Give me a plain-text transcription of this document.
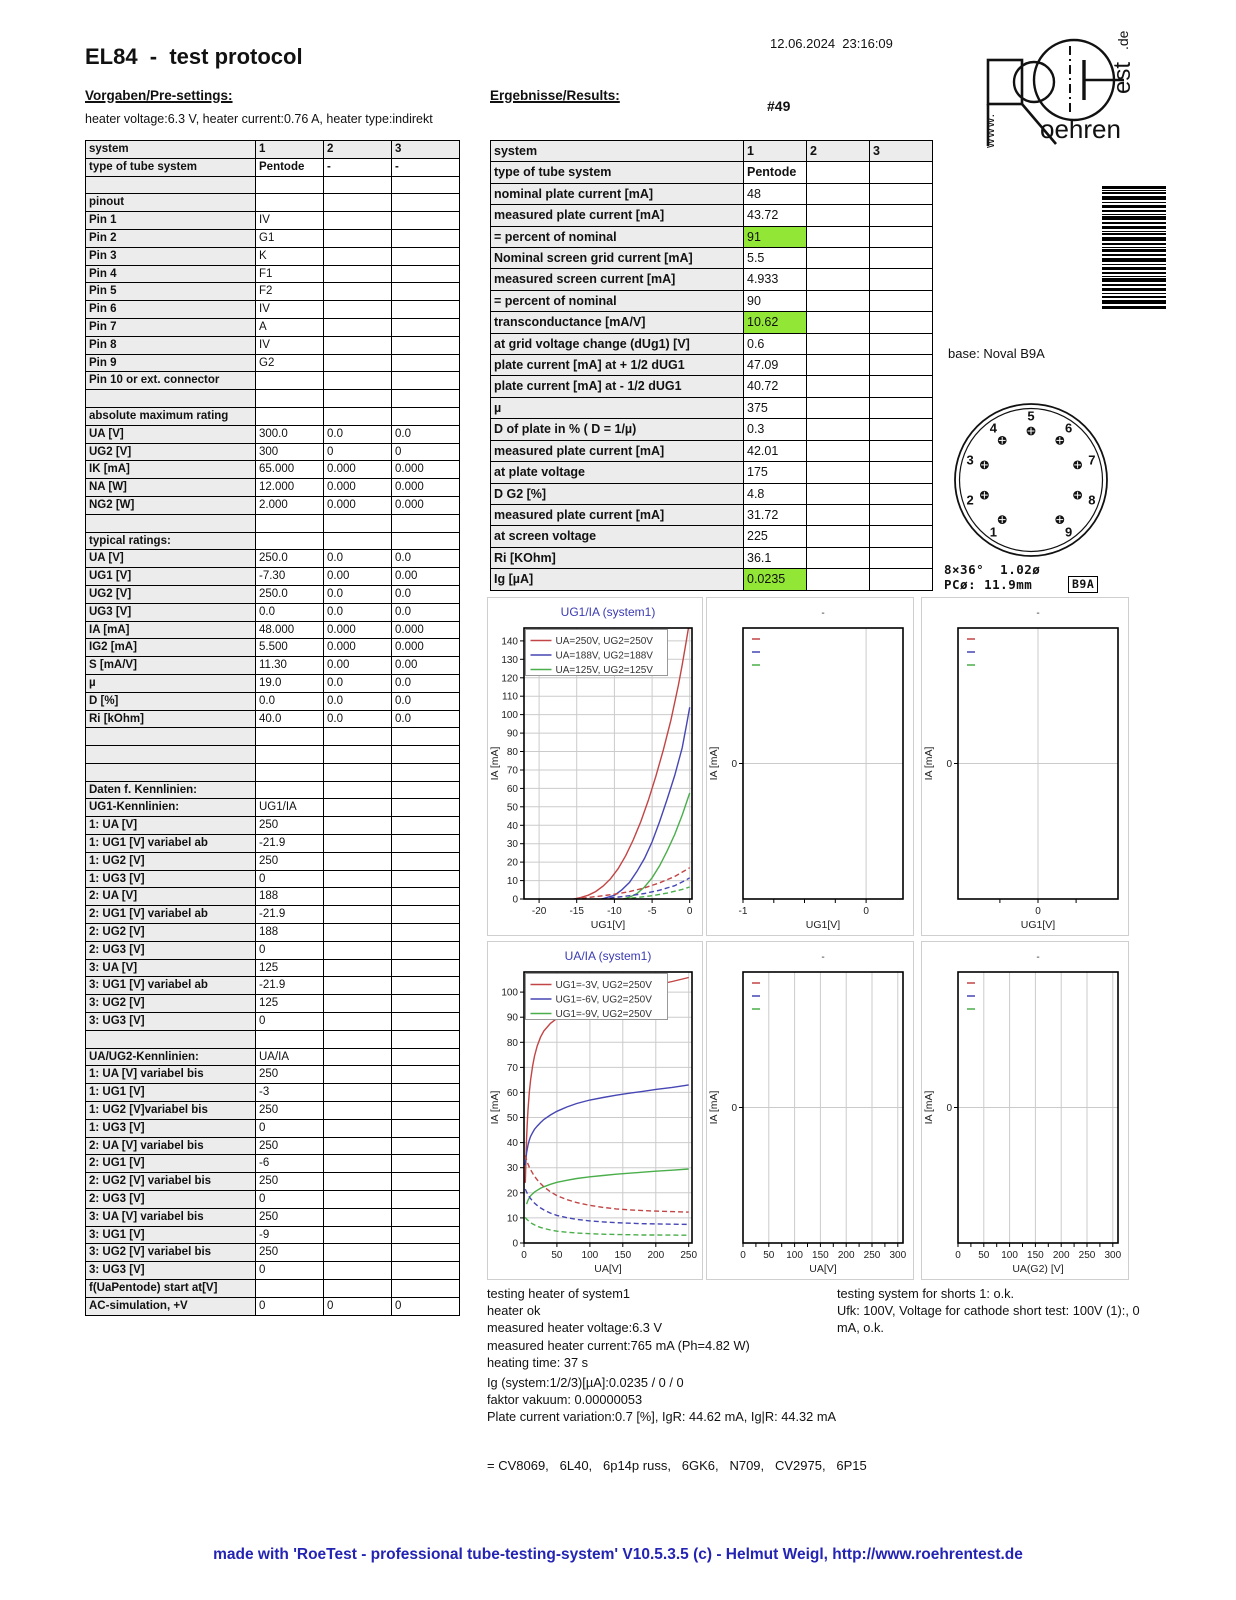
12.06.2024  23:16:09
EL84  -  test protocol
Vorgaben/Pre-settings:	Ergebnisse/Results:
#49
heater voltage:6.3 V, heater current:0.76 A, heater type:indirekt
system	1	2	3
type of tube system	Pentode	-	-

pinout			
Pin 1	IV		
Pin 2	G1		
Pin 3	K		
Pin 4	F1		
Pin 5	F2		
Pin 6	IV		
Pin 7	A		
Pin 8	IV		
Pin 9	G2		
Pin 10 or ext. connector			

absolute maximum rating			
UA [V]	300.0	0.0	0.0
UG2 [V]	300	0	0
IK [mA]	65.000	0.000	0.000
NA [W]	12.000	0.000	0.000
NG2 [W]	2.000	0.000	0.000

typical ratings:			
UA [V]	250.0	0.0	0.0
UG1 [V]	-7.30	0.00	0.00
UG2 [V]	250.0	0.0	0.0
UG3 [V]	0.0	0.0	0.0
IA [mA]	48.000	0.000	0.000
IG2 [mA]	5.500	0.000	0.000
S [mA/V]	11.30	0.00	0.00
µ	19.0	0.0	0.0
D [%]	0.0	0.0	0.0
Ri [kOhm]	40.0	0.0	0.0

Daten f. Kennlinien:			
UG1-Kennlinien:	UG1/IA		
1: UA [V]	250		
1: UG1 [V] variabel ab	-21.9		
1: UG2 [V]	250		
1: UG3 [V]	0		
2: UA [V]	188		
2: UG1 [V] variabel ab	-21.9		
2: UG2 [V]	188		
2: UG3 [V]	0		
3: UA [V]	125		
3: UG1 [V] variabel ab	-21.9		
3: UG2 [V]	125		
3: UG3 [V]	0		

UA/UG2-Kennlinien:	UA/IA		
1: UA [V] variabel bis	250		
1: UG1 [V]	-3		
1: UG2 [V]variabel bis	250		
1: UG3 [V]	0		
2: UA [V] variabel bis	250		
2: UG1 [V]	-6		
2: UG2 [V] variabel bis	250		
2: UG3 [V]	0		
3: UA [V] variabel bis	250		
3: UG1 [V]	-9		
3: UG2 [V] variabel bis	250		
3: UG3 [V]	0		
f(UaPentode) start at[V]			
AC-simulation, +V	0	0	0
system	1	2	3
type of tube system	Pentode		
nominal plate current [mA]	48		
measured plate current [mA]	43.72		
= percent of nominal	91		
Nominal screen grid current [mA]	5.5		
measured screen current [mA]	4.933		
= percent of nominal	90		
transconductance [mA/V]	10.62		
at grid voltage change (dUg1) [V]	0.6		
plate current [mA] at + 1/2 dUG1	47.09		
plate current [mA] at - 1/2 dUG1	40.72		
µ	375		
D of plate in % ( D = 1/µ)	0.3		
measured plate current [mA]	42.01		
at plate voltage	175		
D G2 [%]	4.8		
measured plate current [mA]	31.72		
at screen voltage	225		
Ri [KOhm]	36.1		
Ig [µA]	0.0235		
www. oehren
est
.de
base: Noval B9A
1
2
3
4
5
6
7
8
9
8×36°  1.02ø
PCø: 11.9mm	B9A
-20 -15 -10	-5	0
0
10
20
30
40
50
60
70
80
90
100
110
120
130
140
UG1/IA (system1)
UG1[V]
IA [mA]
UA=250V, UG2=250V
UA=188V, UG2=188V
UA=125V, UG2=125V
-1	0
0
-
UG1[V]
IA [mA]
0
0
-
UG1[V]
IA [mA]
0 50 100 150 200 250
0
10
20
30
40
50
60
70
80
90
100
UA/IA (system1)
UA[V]
IA [mA]
UG1=-3V, UG2=250V
UG1=-6V, UG2=250V
UG1=-9V, UG2=250V
0 50 100 150 200 250 300
0
-
UA[V]
IA [mA]
0 50 100 150 200 250 300
0
-
UA(G2) [V]
IA [mA]
testing heater of system1
heater ok
measured heater voltage:6.3 V
measured heater current:765 mA (Ph=4.82 W)
heating time: 37 s
testing system for shorts 1: o.k.
Ufk: 100V, Voltage for cathode short test: 100V (1):, 0
mA, o.k.
Ig (system:1/2/3)[µA]:0.0235 / 0 / 0
faktor vakuum: 0.00000053
Plate current variation:0.7 [%], IgR: 44.62 mA, Ig|R: 44.32 mA
= CV8069,   6L40,   6p14p russ,   6GK6,   N709,   CV2975,   6P15
made with 'RoeTest - professional tube-testing-system' V10.5.3.5 (c) - Helmut Weigl, http://www.roehrentest.de
